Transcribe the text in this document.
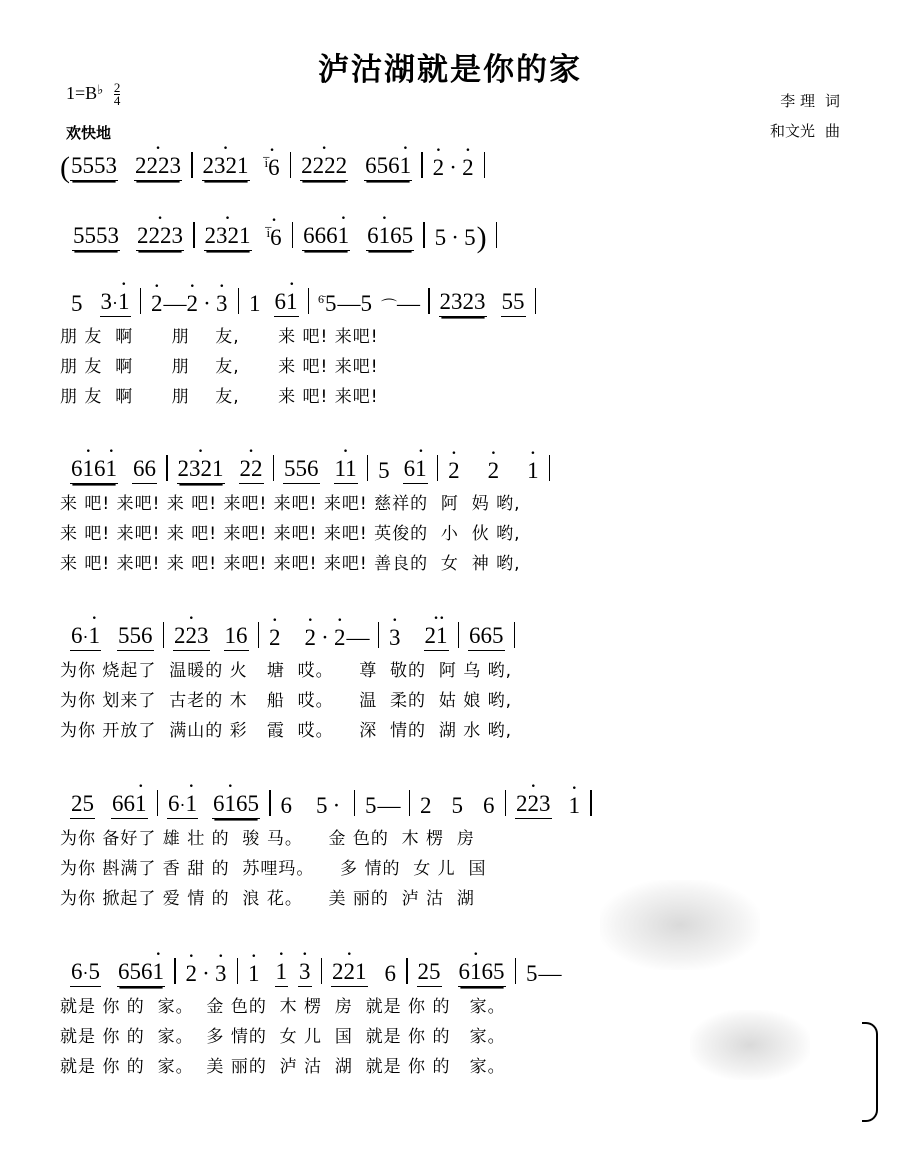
泸沽湖就是你的家
$1=B^♭ \frac{2}{4}$
欢快地
李 理 词
和文光 曲
( 5553 · 2223 · 2321 · $^{i̅}$6 · 2222 656· 1 · 2 · · 2
5553 · 2223 · 2321 · $^{i̅}$6 666· 1 6· 165 5 · 5 )
5 3·· 1 · 2 — · 2 · · 3 1 6· 1 6̄ 5 — 5 ⌒ — 2323 55
朋 友  啊      朋    友,      来 吧! 来吧!
朋 友  啊      朋    友,      来 吧! 来吧!
朋 友  啊      朋    友,      来 吧! 来吧!
6· 16· 1 66 · 2321 · 22 556 · 11 5 6· 1 · 2 · 2 · 1
来 吧! 来吧! 来 吧! 来吧! 来吧! 来吧! 慈祥的  阿  妈 哟,
来 吧! 来吧! 来 吧! 来吧! 来吧! 来吧! 英俊的  小  伙 哟,
来 吧! 来吧! 来 吧! 来吧! 来吧! 来吧! 善良的  女  神 哟,
6·· 1 556 · 223 16 · 2 · 2 · · 2 — · 3 · 2· 1 665
为你 烧起了  温暖的 火   塘  哎。    尊  敬的  阿 乌 哟,
为你 划来了  古老的 木   船  哎。    温  柔的  姑 娘 哟,
为你 开放了  满山的 彩   霞  哎。    深  情的  湖 水 哟,
25 66· 1 6·· 1 6· 165 6 5 · 5 — 2 5 6 · 223 · 1
为你 备好了 雄 壮 的  骏 马。    金 色的  木 楞  房
为你 斟满了 香 甜 的  苏哩玛。    多 情的  女 儿  国
为你 掀起了 爱 情 的  浪 花。    美 丽的  泸 沽  湖
6·5 656· 1 · 2 · · 3 · 1 · 1 · 3 · 221 6 25 6· 165 5 —
就是 你 的  家。  金 色的  木 楞  房  就是 你 的   家。
就是 你 的  家。  多 情的  女 儿  国  就是 你 的   家。
就是 你 的  家。  美 丽的  泸 沽  湖  就是 你 的   家。
